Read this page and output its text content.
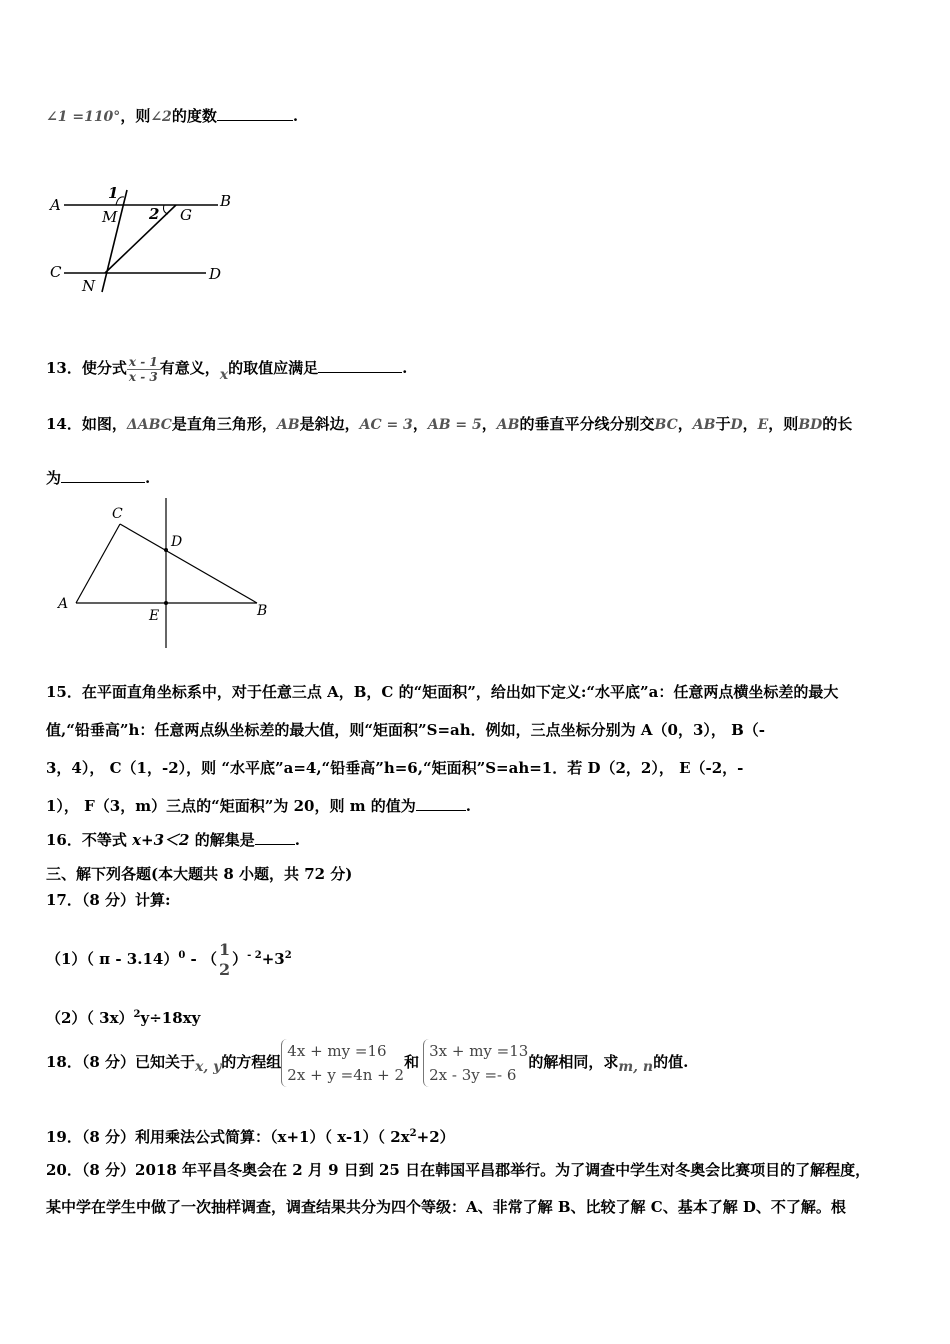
∠1 =110°，则∠2的度数	.
A	B
C	D
M
N
G
1
2
13．使分式 $\frac{x - 1}{x - 3}$ 有意义，x的取值应满足	.
14．如图，ΔABC是直角三角形，AB是斜边，AC = 3，AB = 5，AB的垂直平分线分别交BC，AB于D，E，则BD的长
为	.
C
D
A
E	B
15．在平面直角坐标系中，对于任意三点 A，B，C 的“矩面积”，给出如下定义:“水平底”a：任意两点横坐标差的最大
值,“铅垂高”h：任意两点纵坐标差的最大值，则“矩面积”S=ah．例如，三点坐标分别为 A（0，3）， B（-
3，4）， C（1，-2），则 “水平底”a=4,“铅垂高”h=6,“矩面积”S=ah=1．若 D（2，2）， E（-2，-
1）， F（3，m）三点的“矩面积”为 20，则 m 的值为	.
16．不等式 x+3＜2 的解集是	.
三、解下列各题(本大题共 8 小题，共 72 分)
17．（8 分）计算:
（1）（ π - 3.14）$^0$ - （ 1
2
）$^{- 2}+3^2$
（2）（ 3x）$^2$y÷18xy
18．（8 分）已知关于x, y的方程组
4x + my =16
2x + y =4n + 2
和
3x + my =13
2x - 3y =- 6
的解相同，求m, n的值.
19．（8 分）利用乘法公式简算：（x+1）（ x-1）（ $2x^2+2$）
20．（8 分）2018 年平昌冬奥会在 2 月 9 日到 25 日在韩国平昌郡举行。为了调查中学生对冬奥会比赛项目的了解程度，
某中学在学生中做了一次抽样调查，调查结果共分为四个等级：A、非常了解 B、比较了解 C、基本了解 D、不了解。根
